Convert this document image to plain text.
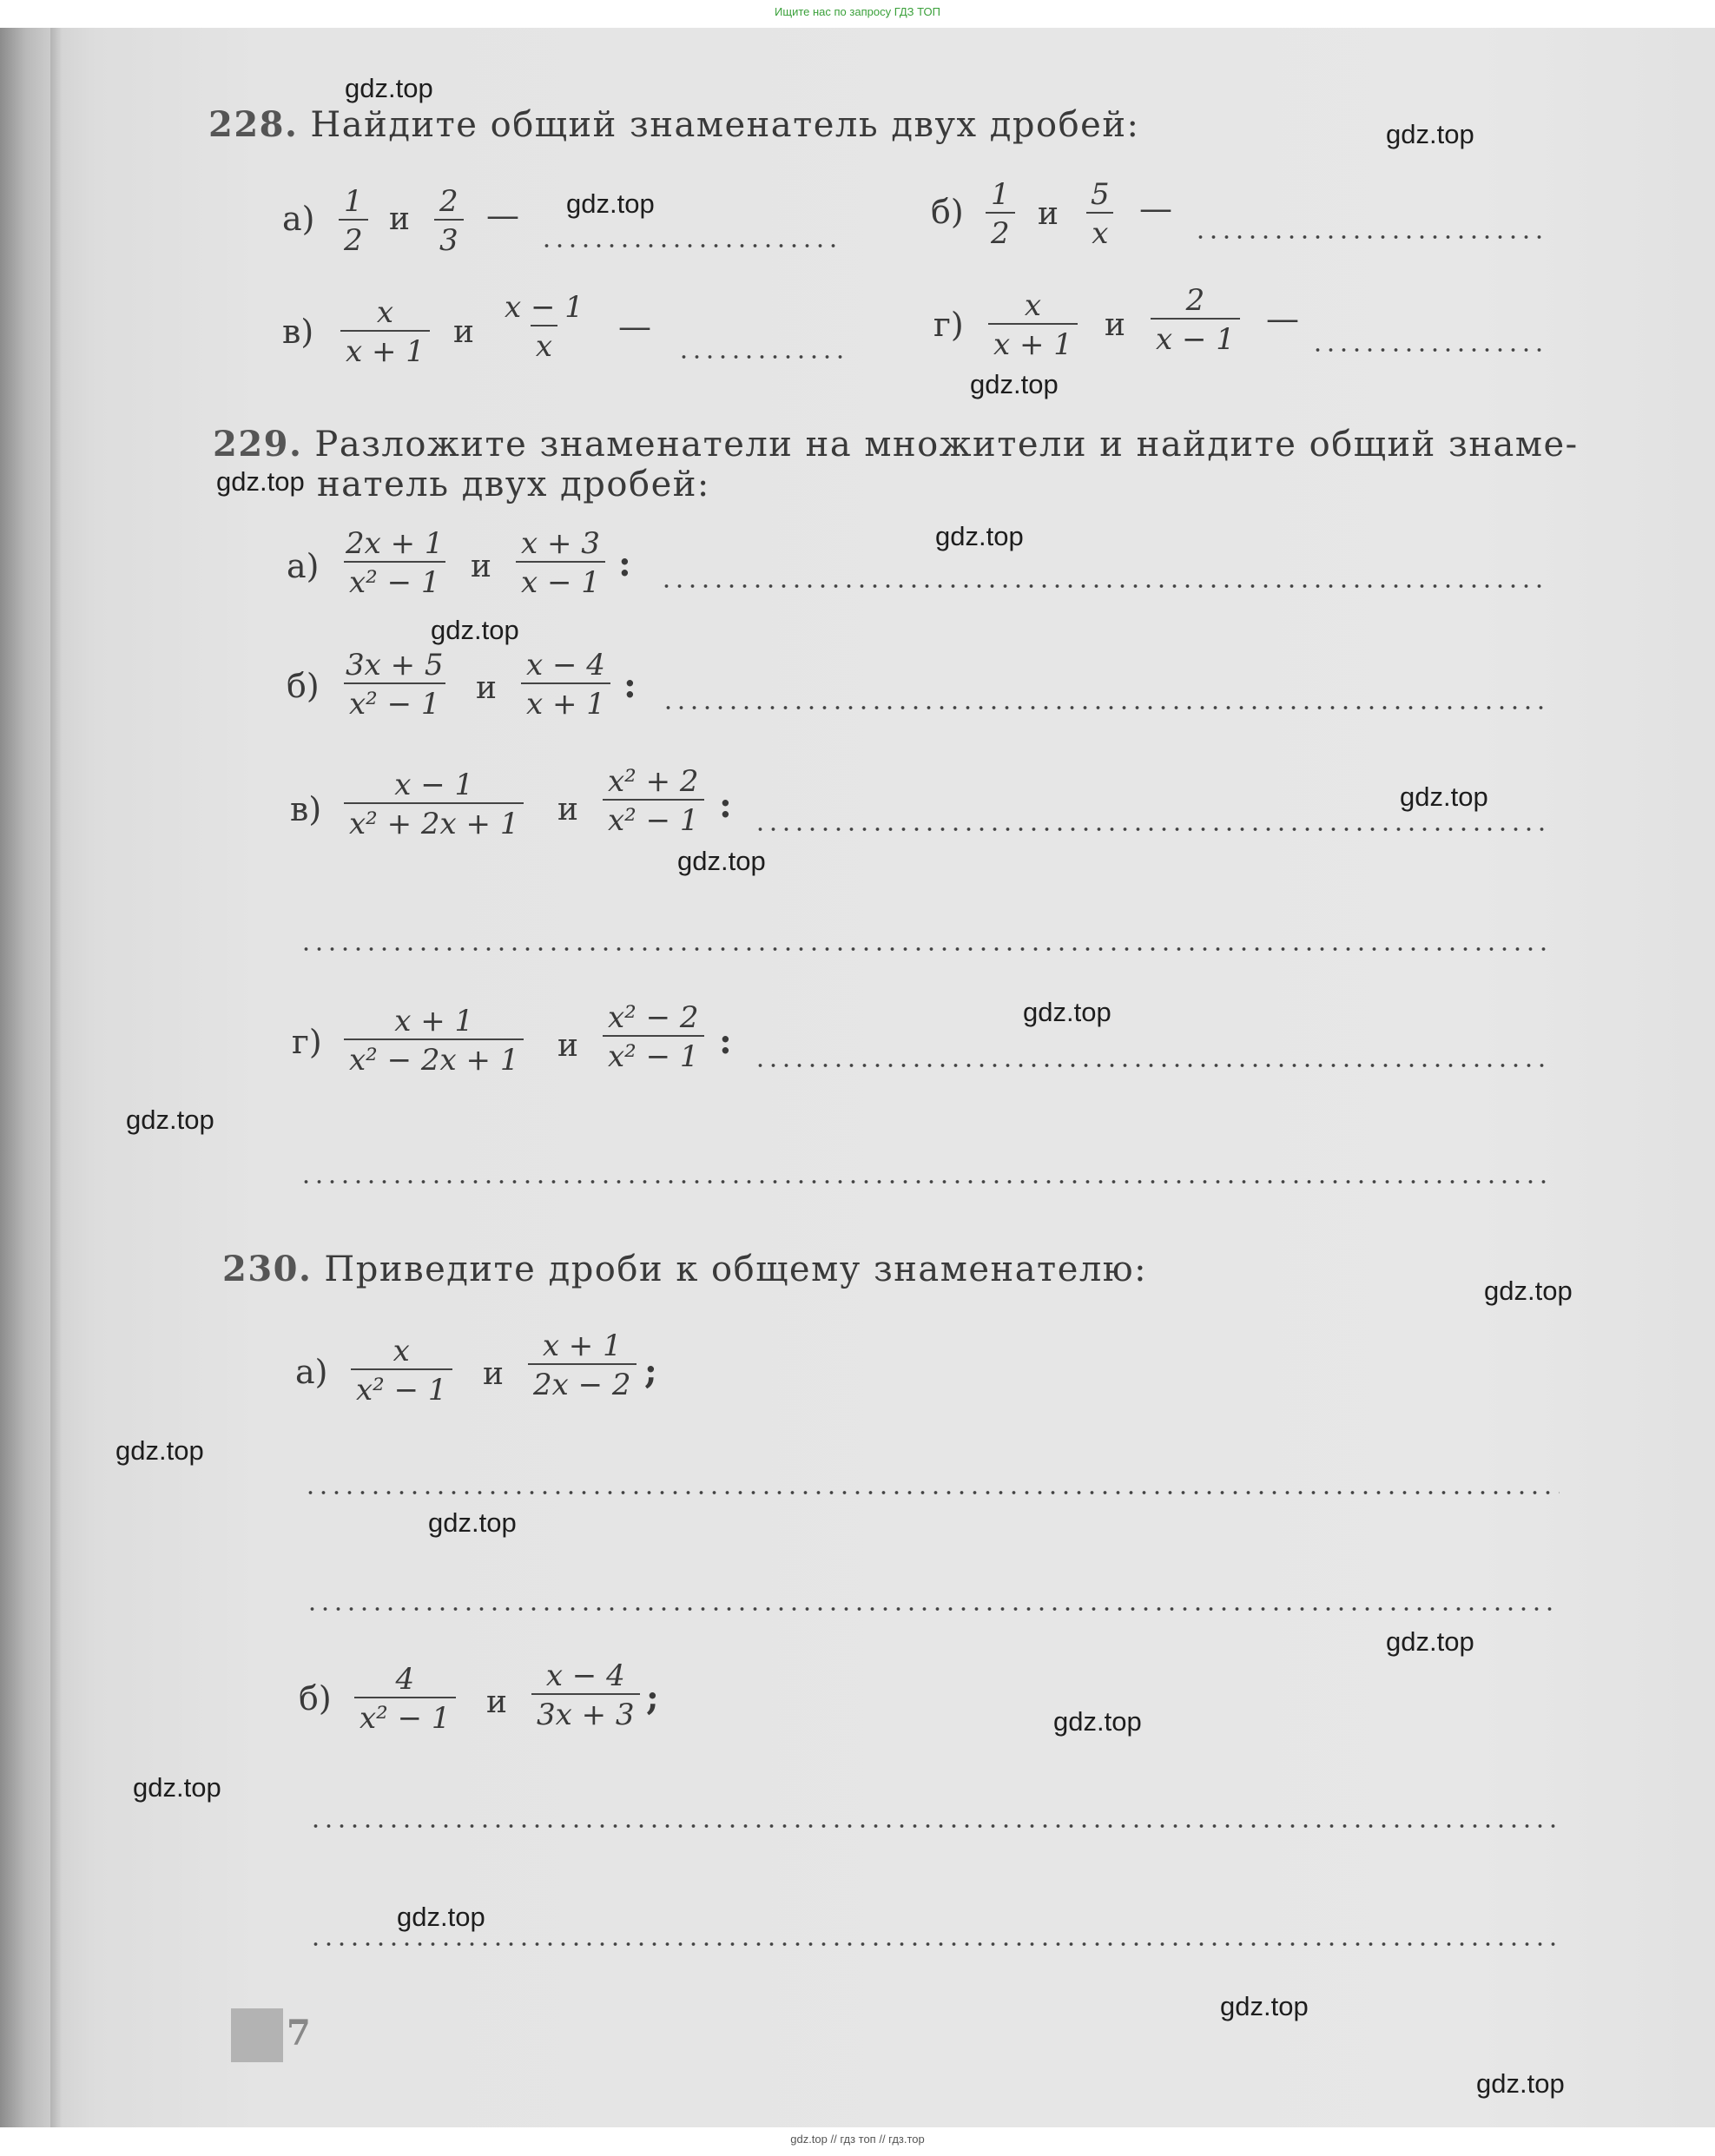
Ищите нас по запросу ГДЗ ТОП
228. Найдите общий знаменатель двух дробей:
$а) \frac{1}{2}$ и $\frac{2}{3}$ —	$б) \frac{1}{2}$ и $\frac{5}{x}$ —
$в) \frac{x}{x + 1}$ и $\frac{x - 1}{x}$ —	$г) \frac{x}{x + 1}$ и $\frac{2}{x - 1}$ —
229. Разложите знаменатели на множители и найдите общий знаме-
натель двух дробей:
$а) \frac{2x + 1}{\text{x² − 1}}$ и $\frac{x + 3}{x - 1}$ :
$б) \frac{3x + 5}{\text{x² − 1}}$ и $\frac{x - 4}{x + 1}$ :
$в) \frac{x - 1}{\text{x² + 2x + 1}}$ и $\frac{\text{x² + 2}}{\text{x² − 1}}$ :
$г) \frac{x + 1}{\text{x² − 2x + 1}}$ и $\frac{\text{x² − 2}}{\text{x² − 1}}$ :
230. Приведите дроби к общему знаменателю:
$а) \frac{x}{\text{x² − 1}}$ и $\frac{x + 1}{2x - 2}$ ;
$б) \frac{4}{\text{x² − 1}}$ и $\frac{x - 4}{3x + 3}$ ;
7
gdz.top
gdz.top
gdz.top
gdz.top
gdz.top
gdz.top
gdz.top
gdz.top
gdz.top
gdz.top
gdz.top
gdz.top
gdz.top
gdz.top
gdz.top
gdz.top
gdz.top
gdz.top
gdz.top
gdz.top
gdz.top // гдз топ // гдз.тор
